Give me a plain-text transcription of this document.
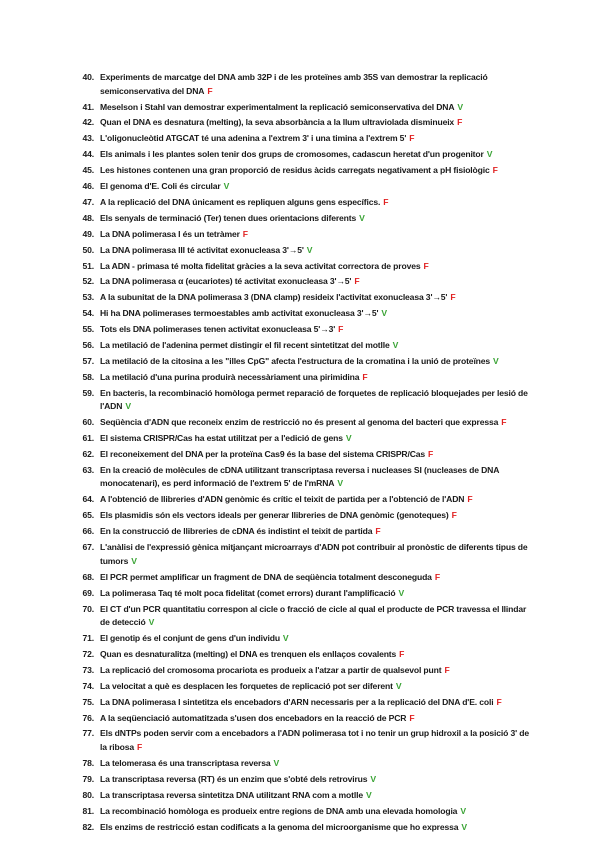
40. Experiments de marcatge del DNA amb 32P i de les proteïnes amb 35S van demostrar la replicació semiconservativa del DNA F
41. Meselson i Stahl van demostrar experimentalment la replicació semiconservativa del DNA V
42. Quan el DNA es desnatura (melting), la seva absorbància a la llum ultraviolada disminueix F
43. L'oligonucleòtid ATGCAT té una adenina a l'extrem 3' i una timina a l'extrem 5' F
44. Els animals i les plantes solen tenir dos grups de cromosomes, cadascun heretat d'un progenitor V
45. Les histones contenen una gran proporció de residus àcids carregats negativament a pH fisiològic F
46. El genoma d'E. Coli és circular V
47. A la replicació del DNA únicament es repliquen alguns gens específics. F
48. Els senyals de terminació (Ter) tenen dues orientacions diferents V
49. La DNA polimerasa I és un tetràmer F
50. La DNA polimerasa III té activitat exonucleasa 3'→5' V
51. La ADN - primasa té molta fidelitat gràcies a la seva activitat correctora de proves F
52. La DNA polimerasa α (eucariotes) té activitat exonucleasa 3'→5' F
53. A la subunitat de la DNA polimerasa 3 (DNA clamp) resideix l'activitat exonucleasa 3'→5' F
54. Hi ha DNA polimerases termoestables amb activitat exonucleasa 3'→5' V
55. Tots els DNA polimerases tenen activitat exonucleasa 5'→3' F
56. La metilació de l'adenina permet distingir el fil recent sintetitzat del motlle V
57. La metilació de la citosina a les "illes CpG" afecta l'estructura de la cromatina i la unió de proteïnes V
58. La metilació d'una purina produirà necessàriament una pirimidina F
59. En bacteris, la recombinació homòloga permet reparació de forquetes de replicació bloquejades per lesió de l'ADN V
60. Seqüència d'ADN que reconeix enzim de restricció no és present al genoma del bacteri que expressa F
61. El sistema CRISPR/Cas ha estat utilitzat per a l'edició de gens V
62. El reconeixement del DNA per la proteïna Cas9 és la base del sistema CRISPR/Cas F
63. En la creació de molècules de cDNA utilitzant transcriptasa reversa i nucleases SI (nucleases de DNA monocatenari), es perd informació de l'extrem 5' de l'mRNA V
64. A l'obtenció de llibreries d'ADN genòmic és crític el teixit de partida per a l'obtenció de l'ADN F
65. Els plasmidis són els vectors ideals per generar llibreries de DNA genòmic (genoteques) F
66. En la construcció de llibreries de cDNA és indistint el teixit de partida F
67. L'anàlisi de l'expressió gènica mitjançant microarrays d'ADN pot contribuir al pronòstic de diferents tipus de tumors V
68. El PCR permet amplificar un fragment de DNA de seqüència totalment desconeguda F
69. La polimerasa Taq té molt poca fidelitat (comet errors) durant l'amplificació V
70. El CT d'un PCR quantitatiu correspon al cicle o fracció de cicle al qual el producte de PCR travessa el llindar de detecció V
71. El genotip és el conjunt de gens d'un individu V
72. Quan es desnaturalitza (melting) el DNA es trenquen els enllaços covalents F
73. La replicació del cromosoma procariota es produeix a l'atzar a partir de qualsevol punt F
74. La velocitat a què es desplacen les forquetes de replicació pot ser diferent V
75. La DNA polimerasa I sintetitza els encebadors d'ARN necessaris per a la replicació del DNA d'E. coli F
76. A la seqüenciació automatitzada s'usen dos encebadors en la reacció de PCR F
77. Els dNTPs poden servir com a encebadors a l'ADN polimerasa tot i no tenir un grup hidroxil a la posició 3' de la ribosa F
78. La telomerasa és una transcriptasa reversa V
79. La transcriptasa reversa (RT) és un enzim que s'obté dels retrovirus V
80. La transcriptasa reversa sintetitza DNA utilitzant RNA com a motlle V
81. La recombinació homòloga es produeix entre regions de DNA amb una elevada homologia V
82. Els enzims de restricció estan codificats a la genoma del microorganisme que ho expressa V
